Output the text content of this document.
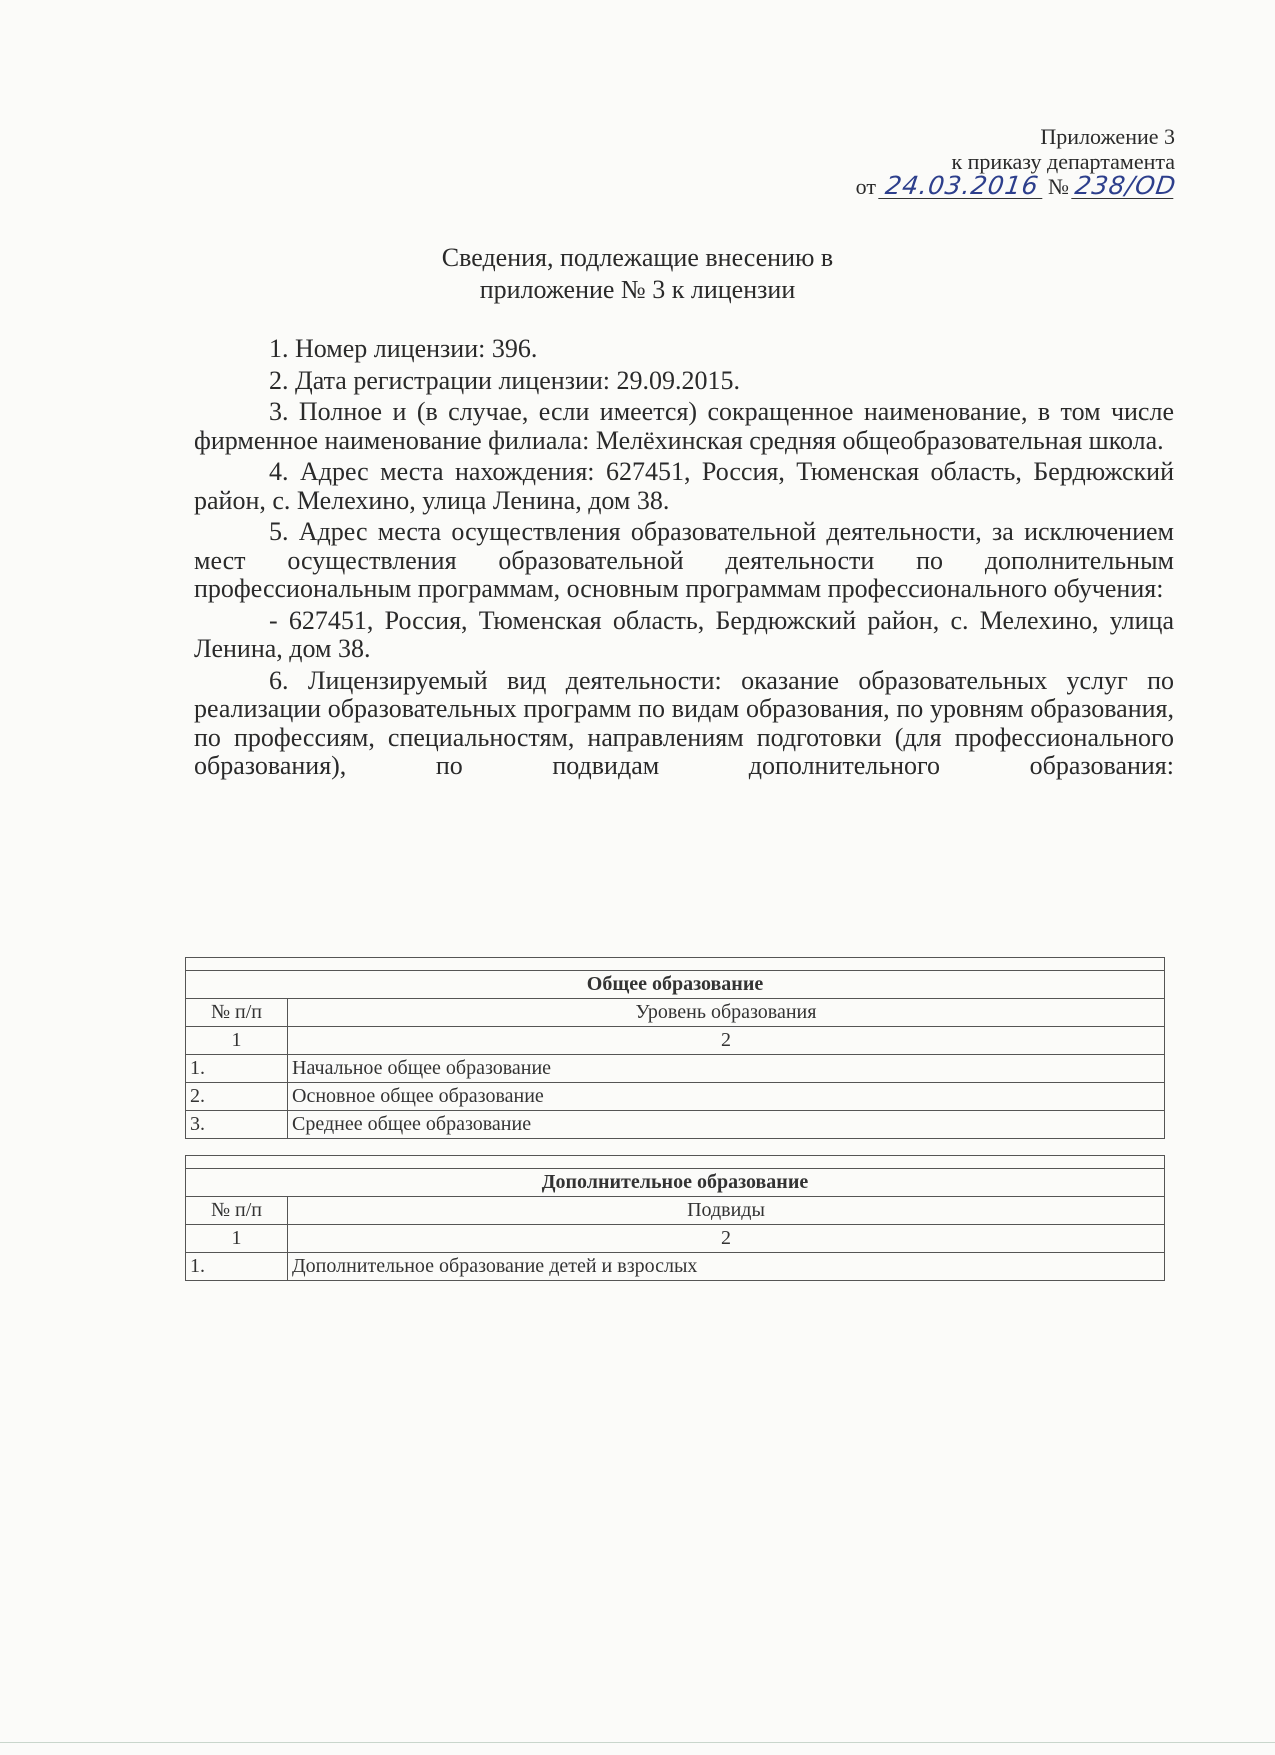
Приложение 3
к приказу департамента
от 24.03.2016 № 238/OD
Сведения, подлежащие внесению в
приложение № 3 к лицензии

1. Номер лицензии: 396.

2. Дата регистрации лицензии: 29.09.2015.

3. Полное и (в случае, если имеется) сокращенное наименование, в том числе фирменное наименование филиала: Мелёхинская средняя общеобразовательная школа.

4. Адрес места нахождения: 627451, Россия, Тюменская область, Бердюжский район, с. Мелехино, улица Ленина, дом 38.

5. Адрес места осуществления образовательной деятельности, за исключением мест осуществления образовательной деятельности по дополнительным профессиональным программам, основным программам профессионального обучения:

- 627451, Россия, Тюменская область, Бердюжский район, с. Мелехино, улица Ленина, дом 38.

6. Лицензируемый вид деятельности: оказание образовательных услуг по реализации образовательных программ по видам образования, по уровням образования, по профессиям, специальностям, направлениям подготовки (для профессионального образования), по подвидам дополнительного образования:

Общее образование	
№ п/п	Уровень образования
1	2
1.	Начальное общее образование
2.	Основное общее образование
3.	Среднее общее образование

Дополнительное образование	
№ п/п	Подвиды
1	2
1.	Дополнительное образование детей и взрослых
